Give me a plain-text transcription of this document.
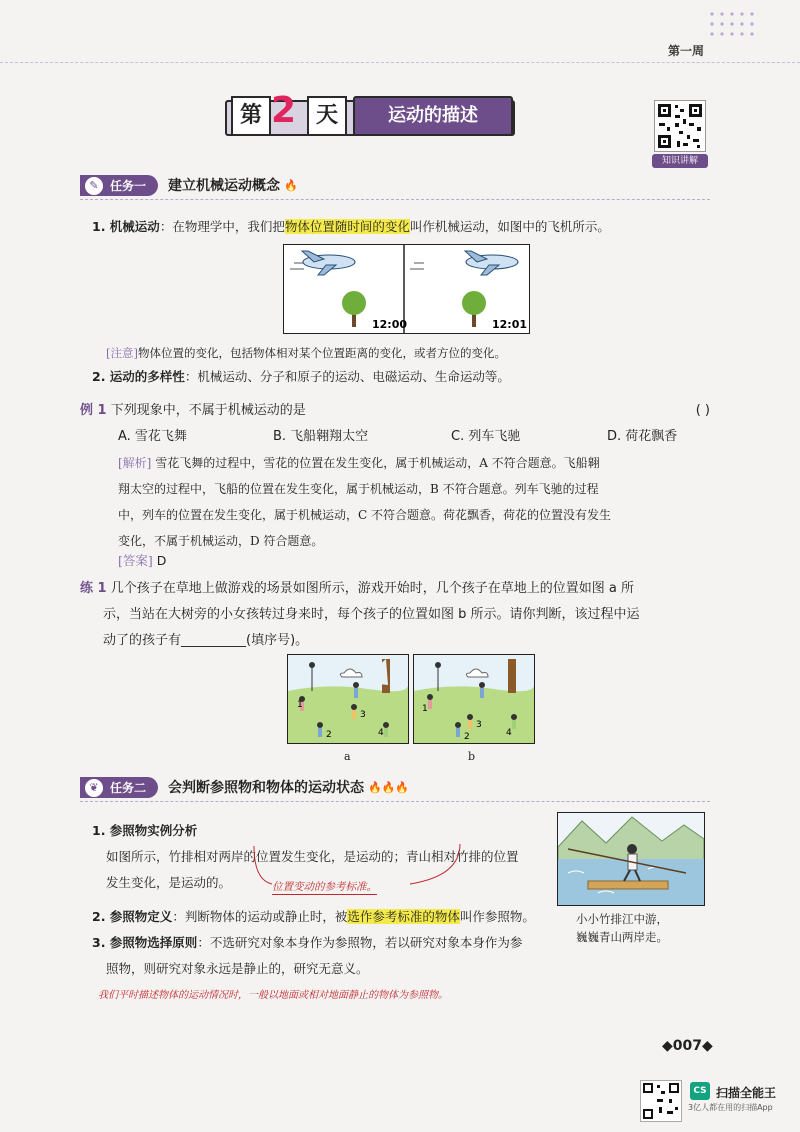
第一周
第 2 天	运动的描述
知识讲解
✎ 任务一	建立机械运动概念 🔥
1. 机械运动：在物理学中，我们把物体位置随时间的变化叫作机械运动，如图中的飞机所示。
12:00	12:01
[注意]物体位置的变化，包括物体相对某个位置距离的变化，或者方位的变化。
2. 运动的多样性：机械运动、分子和原子的运动、电磁运动、生命运动等。
例 1 下列现象中，不属于机械运动的是	( )
A. 雪花飞舞	B. 飞船翱翔太空	C. 列车飞驰	D. 荷花飘香
[解析] 雪花飞舞的过程中，雪花的位置在发生变化，属于机械运动，A 不符合题意。飞船翱
翔太空的过程中，飞船的位置在发生变化，属于机械运动，B 不符合题意。列车飞驰的过程
中，列车的位置在发生变化，属于机械运动，C 不符合题意。荷花飘香，荷花的位置没有发生
变化，不属于机械运动，D 符合题意。
[答案] D
练 1 几个孩子在草地上做游戏的场景如图所示，游戏开始时，几个孩子在草地上的位置如图 a 所
示，当站在大树旁的小女孩转过身来时，每个孩子的位置如图 b 所示。请你判断，该过程中运
动了的孩子有__________(填序号)。
1
2
3
4
1
2
3
4
a	b
❦ 任务二	会判断参照物和物体的运动状态 🔥🔥🔥
1. 参照物实例分析
如图所示，竹排相对两岸的位置发生变化，是运动的；青山相对竹排的位置
发生变化，是运动的。	位置变动的参考标准。
2. 参照物定义：判断物体的运动或静止时，被选作参考标准的物体叫作参照物。
3. 参照物选择原则：不选研究对象本身作为参照物，若以研究对象本身作为参
照物，则研究对象永远是静止的，研究无意义。
我们平时描述物体的运动情况时，一般以地面或相对地面静止的物体为参照物。
小小竹排江中游，
巍巍青山两岸走。
◆007◆
CS 扫描全能王
3亿人都在用的扫描App
